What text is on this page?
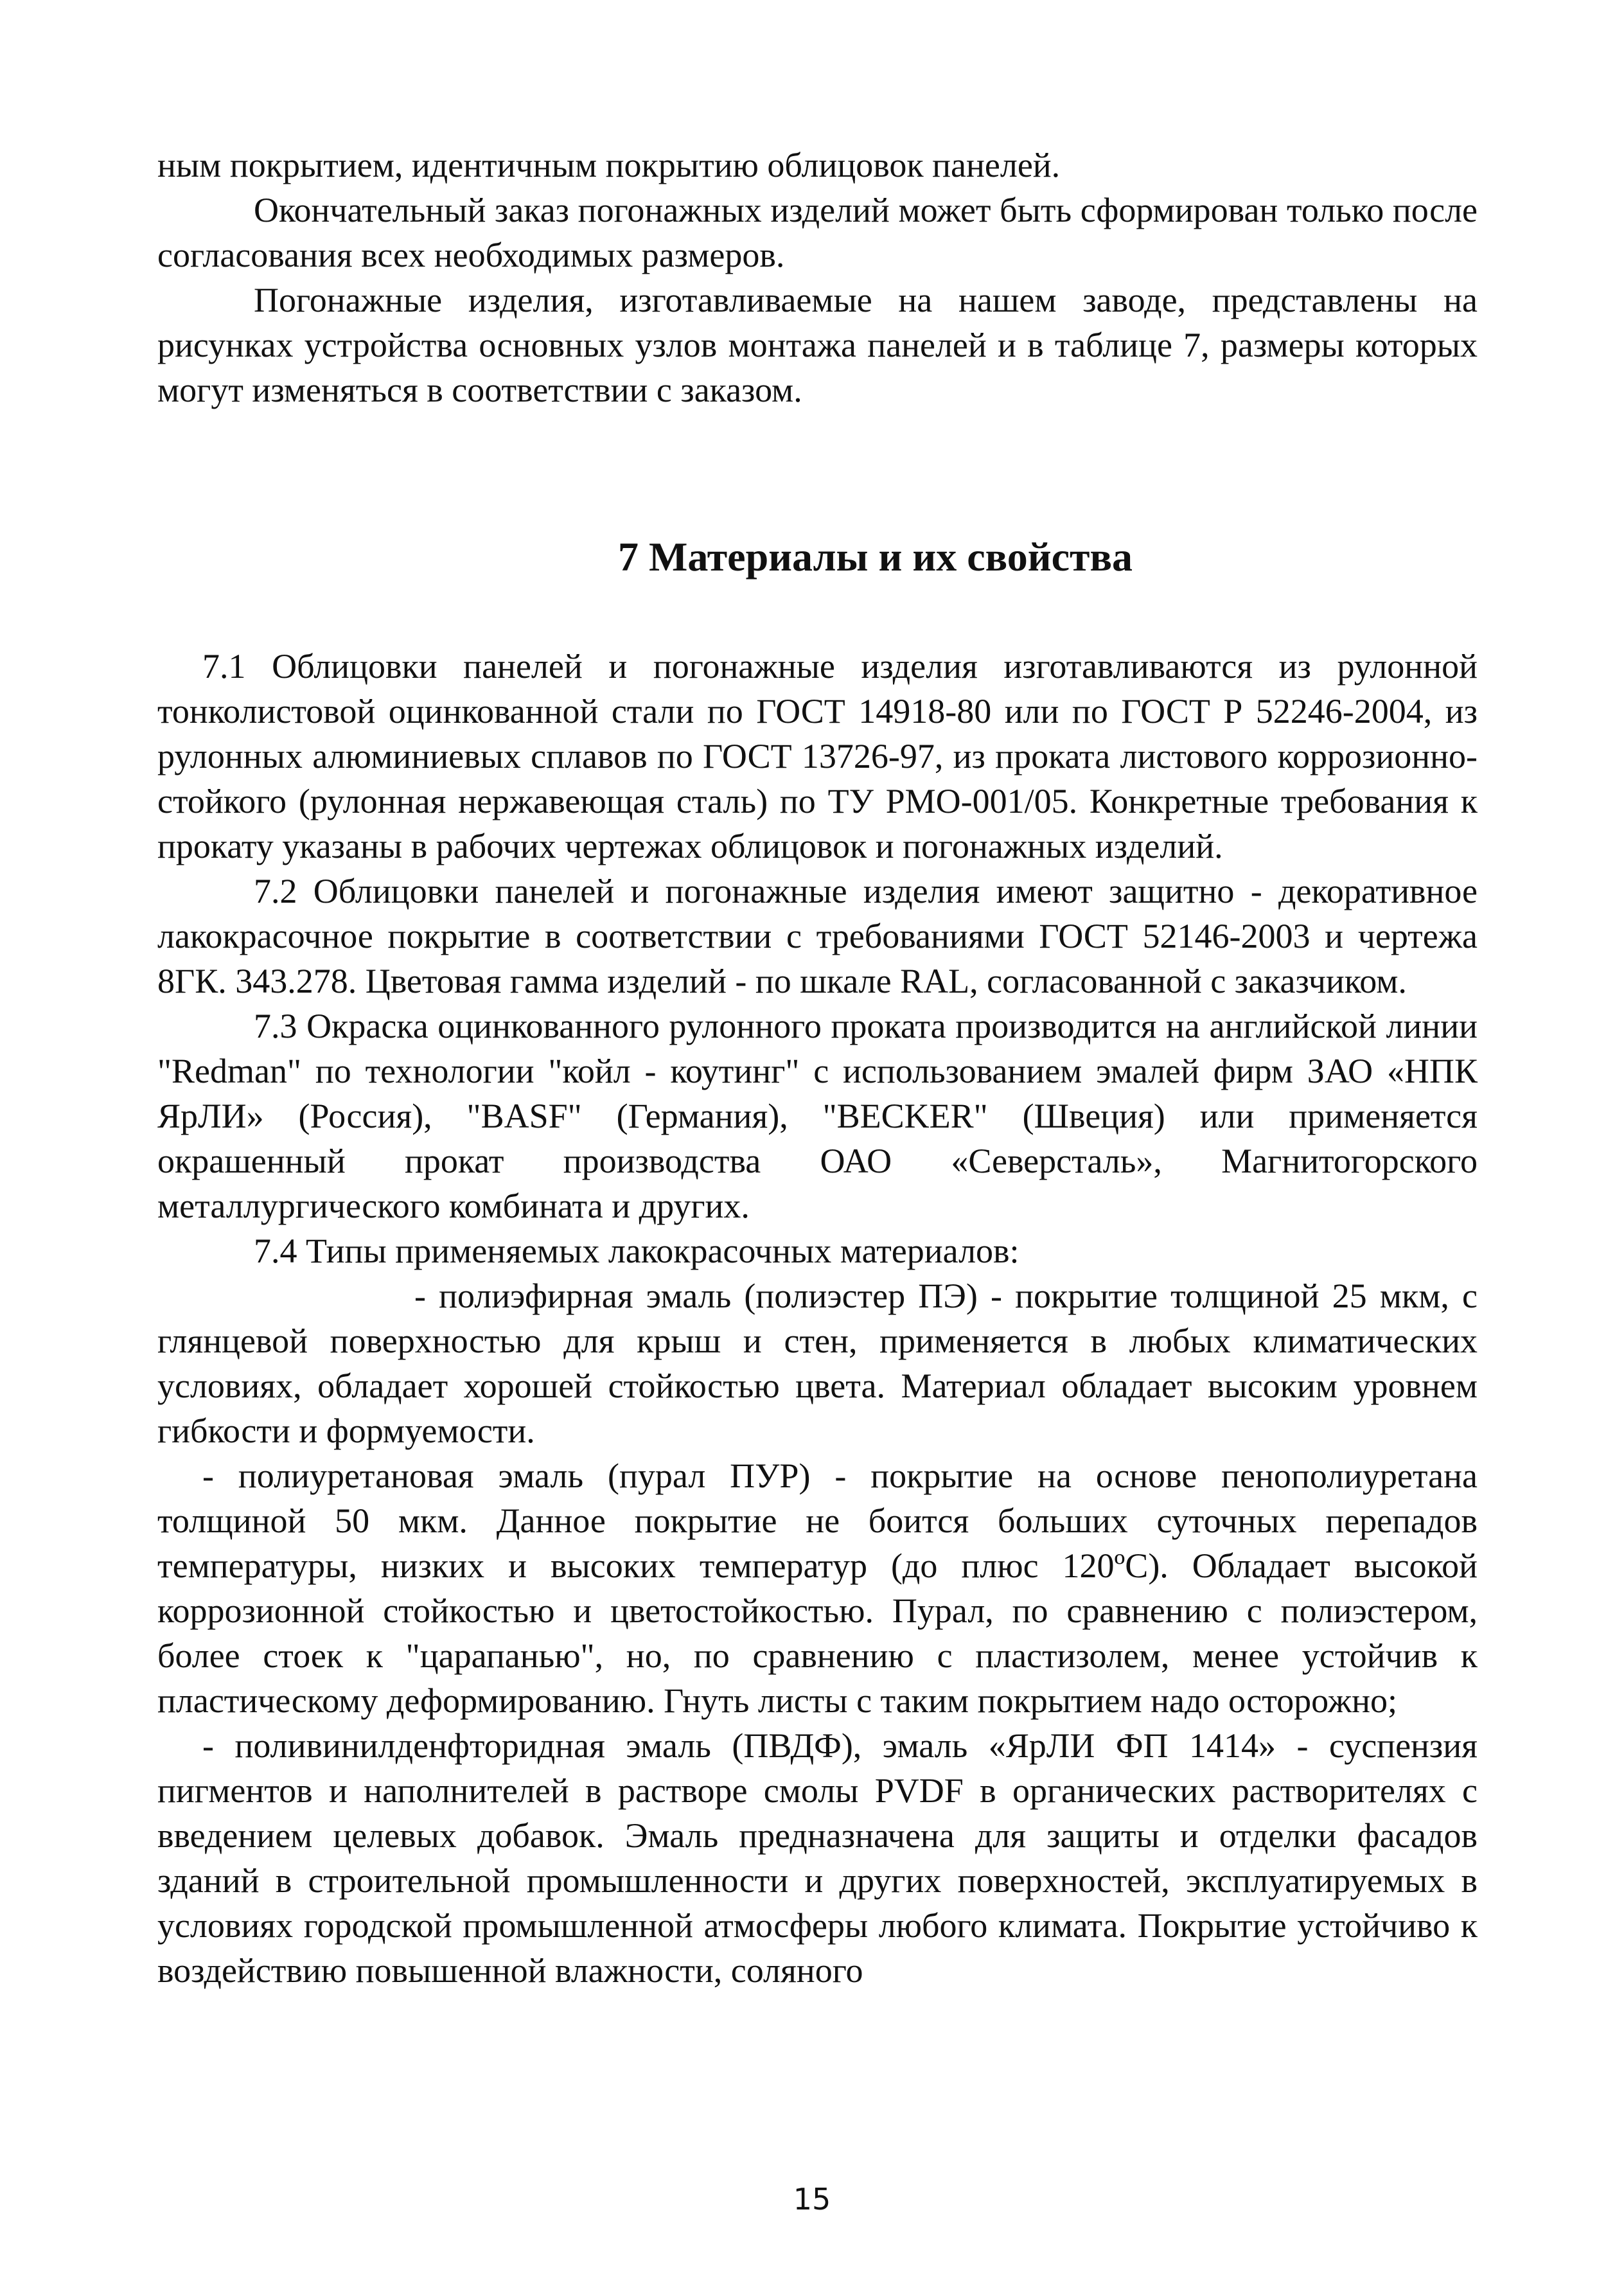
ным покрытием, идентичным покрытию облицовок панелей.

Окончательный заказ погонажных изделий может быть сформирован только после согласования всех необходимых размеров.

Погонажные изделия, изготавливаемые на нашем заводе, представлены на рисунках устройства основных узлов монтажа панелей и в таблице 7, размеры которых могут изменяться в соответствии с заказом.

7 Материалы и их свойства

7.1 Облицовки панелей и погонажные изделия изготавливаются из рулонной тонколистовой оцинкованной стали по ГОСТ 14918-80 или по ГОСТ Р 52246-2004, из рулонных алюминиевых сплавов по ГОСТ 13726-97, из проката листового коррозионно-стойкого (рулонная нержавеющая сталь) по ТУ РМО-001/05. Конкретные требования к прокату указаны в рабочих чертежах облицовок и погонажных изделий.

7.2 Облицовки панелей и погонажные изделия имеют защитно - декоративное лакокрасочное покрытие в соответствии с требованиями ГОСТ 52146-2003 и чертежа 8ГК. 343.278. Цветовая гамма изделий - по шкале RAL, согласованной с заказчиком.

7.3 Окраска оцинкованного рулонного проката производится на английской линии "Redman" по технологии "койл - коутинг" с использованием эмалей фирм ЗАО «НПК ЯрЛИ» (Россия), "BASF" (Германия), "BECKER" (Швеция) или применяется окрашенный прокат производства ОАО «Северсталь», Магнитогорского металлургического комбината и других.

7.4 Типы применяемых лакокрасочных материалов:

- полиэфирная эмаль (полиэстер ПЭ) - покрытие толщиной 25 мкм, с глянцевой поверхностью для крыш и стен, применяется в любых климатических условиях, обладает хорошей стойкостью цвета. Материал обладает высоким уровнем гибкости и формуемости.

- полиуретановая эмаль (пурал ПУР) - покрытие на основе пенополиуретана толщиной 50 мкм. Данное покрытие не боится больших суточных перепадов температуры, низких и высоких температур (до плюс 120ºС). Обладает высокой коррозионной стойкостью и цветостойкостью. Пурал, по сравнению с полиэстером, более стоек к "царапанью", но, по сравнению с пластизолем, менее устойчив к пластическому деформированию. Гнуть листы с таким покрытием надо осторожно;

- поливинилденфторидная эмаль (ПВДФ), эмаль «ЯрЛИ ФП 1414» - суспензия пигментов и наполнителей в растворе смолы PVDF в органических растворителях с введением целевых добавок. Эмаль предназначена для защиты и отделки фасадов зданий в строительной промышленности и других поверхностей, эксплуатируемых в условиях городской промышленной атмосферы любого климата. Покрытие устойчиво к воздействию повышенной влажности, соляного

15
